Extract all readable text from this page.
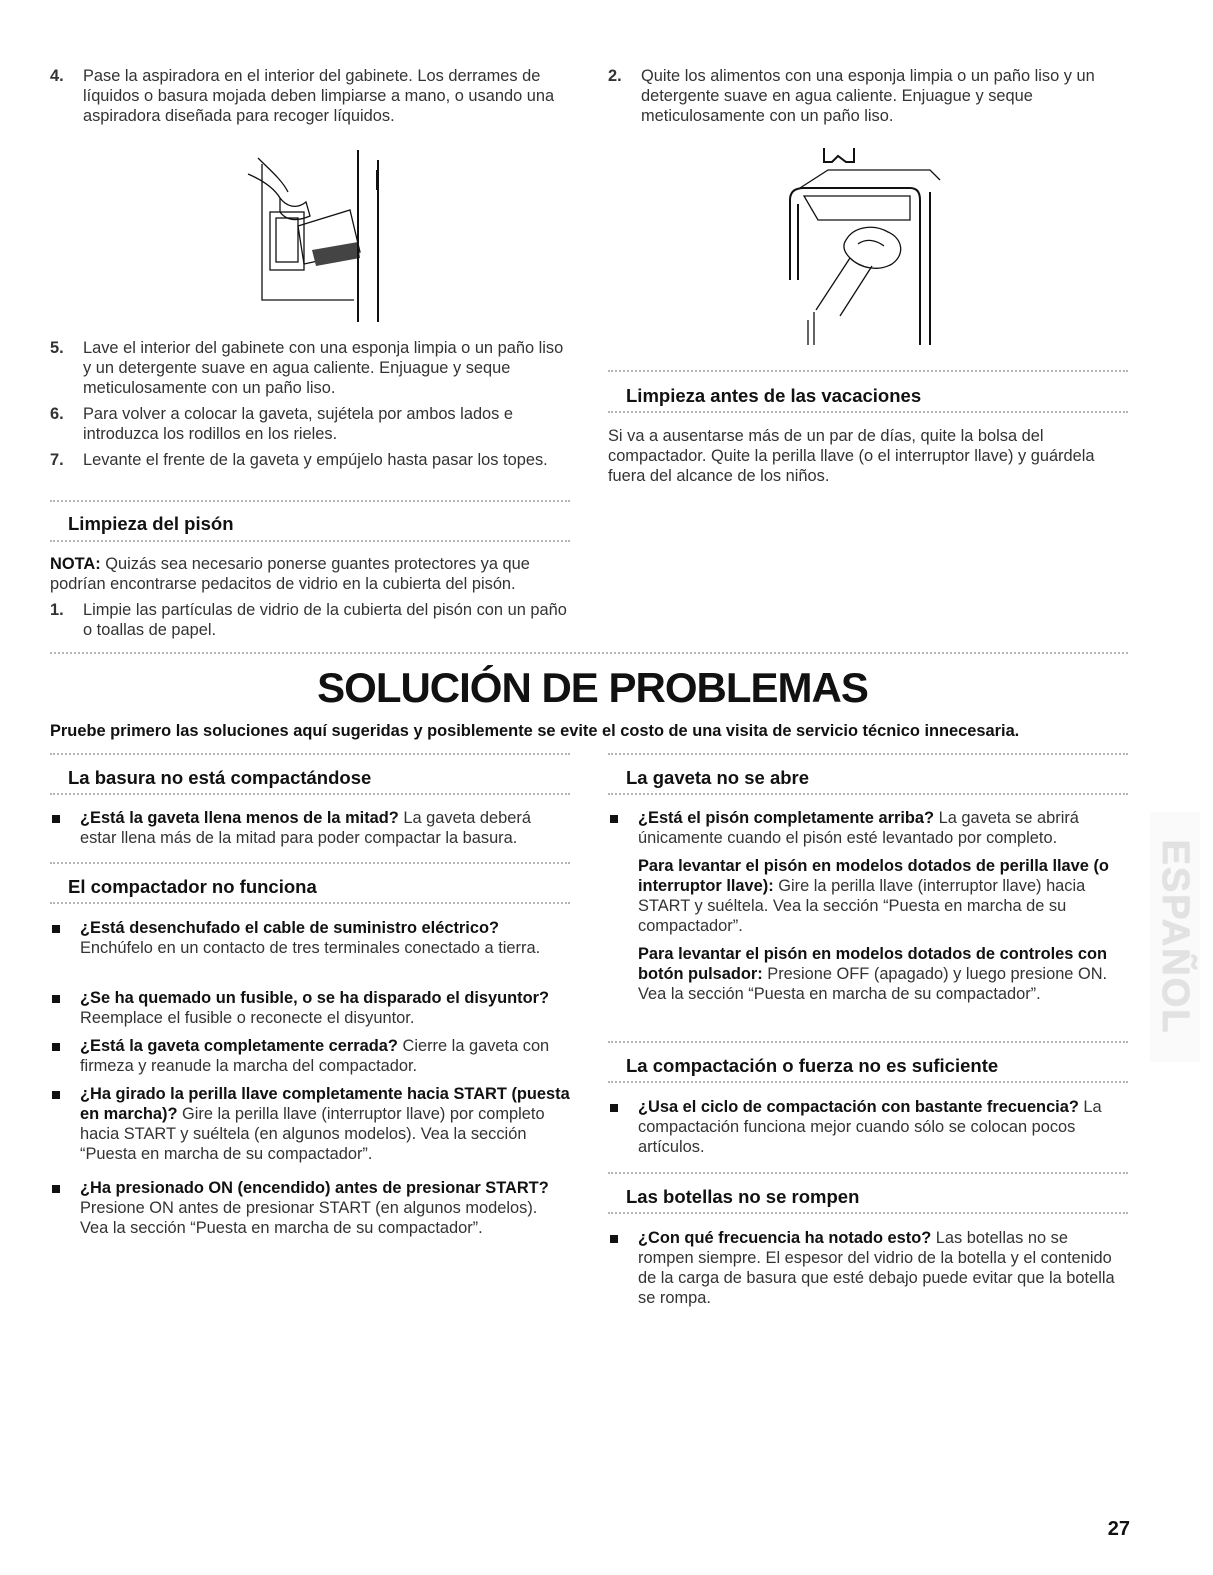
4.	Pase la aspiradora en el interior del gabinete. Los derrames de líquidos o basura mojada deben limpiarse a mano, o usando una aspiradora diseñada para recoger líquidos.
5.	Lave el interior del gabinete con una esponja limpia o un paño liso y un detergente suave en agua caliente. Enjuague y seque meticulosamente con un paño liso.
6.	Para volver a colocar la gaveta, sujétela por ambos lados e introduzca los rodillos en los rieles.
7.	Levante el frente de la gaveta y empújelo hasta pasar los topes.
Limpieza del pisón
NOTA: Quizás sea necesario ponerse guantes protectores ya que podrían encontrarse pedacitos de vidrio en la cubierta del pisón.
1.	Limpie las partículas de vidrio de la cubierta del pisón con un paño o toallas de papel.
2.	Quite los alimentos con una esponja limpia o un paño liso y un detergente suave en agua caliente. Enjuague y seque meticulosamente con un paño liso.
Limpieza antes de las vacaciones
Si va a ausentarse más de un par de días, quite la bolsa del compactador. Quite la perilla llave (o el interruptor llave) y guárdela fuera del alcance de los niños.
SOLUCIÓN DE PROBLEMAS
Pruebe primero las soluciones aquí sugeridas y posiblemente se evite el costo de una visita de servicio técnico innecesaria.
La basura no está compactándose
¿Está la gaveta llena menos de la mitad? La gaveta deberá estar llena más de la mitad para poder compactar la basura.
El compactador no funciona
¿Está desenchufado el cable de suministro eléctrico? Enchúfelo en un contacto de tres terminales conectado a tierra.
¿Se ha quemado un fusible, o se ha disparado el disyuntor? Reemplace el fusible o reconecte el disyuntor.
¿Está la gaveta completamente cerrada? Cierre la gaveta con firmeza y reanude la marcha del compactador.
¿Ha girado la perilla llave completamente hacia START (puesta en marcha)? Gire la perilla llave (interruptor llave) por completo hacia START y suéltela (en algunos modelos). Vea la sección “Puesta en marcha de su compactador”.
¿Ha presionado ON (encendido) antes de presionar START? Presione ON antes de presionar START (en algunos modelos). Vea la sección “Puesta en marcha de su compactador”.
La gaveta no se abre
¿Está el pisón completamente arriba? La gaveta se abrirá únicamente cuando el pisón esté levantado por completo.
Para levantar el pisón en modelos dotados de perilla llave (o interruptor llave): Gire la perilla llave (interruptor llave) hacia START y suéltela. Vea la sección “Puesta en marcha de su compactador”.
Para levantar el pisón en modelos dotados de controles con botón pulsador: Presione OFF (apagado) y luego presione ON. Vea la sección “Puesta en marcha de su compactador”.
La compactación o fuerza no es suficiente
¿Usa el ciclo de compactación con bastante frecuencia? La compactación funciona mejor cuando sólo se colocan pocos artículos.
Las botellas no se rompen
¿Con qué frecuencia ha notado esto? Las botellas no se rompen siempre. El espesor del vidrio de la botella y el contenido de la carga de basura que esté debajo puede evitar que la botella se rompa.
ESPAÑOL
27
